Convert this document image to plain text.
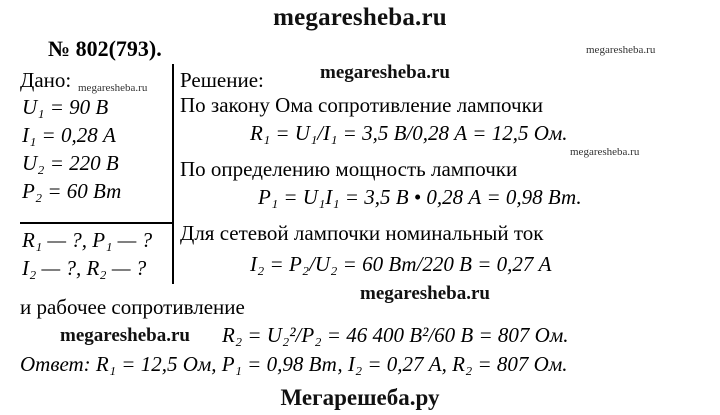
megaresheba.ru
megaresheba.ru
№ 802(793).
Дано: megaresheba.ru Решение:
U₁ = 90 В
I₁ = 0,28 А
U₂ = 220 В
P₂ = 60 Вт
R₁ — ?, P₁ — ?
I₂ — ?, R₂ — ?
megaresheba.ru
По закону Ома сопротивление лампочки
R₁ = U₁/I₁ = 3,5 В/0,28 А = 12,5 Ом.
megaresheba.ru
По определению мощность лампочки
P₁ = U₁I₁ = 3,5 В • 0,28 А = 0,98 Вт.
Для сетевой лампочки номинальный ток
I₂ = P₂/U₂ = 60 Вт/220 В = 0,27 А
megaresheba.ru
и рабочее сопротивление
megaresheba.ru R₂ = U₂²/P₂ = 46 400 В²/60 В = 807 Ом.
Ответ: R₁ = 12,5 Ом, P₁ = 0,98 Вт, I₂ = 0,27 А, R₂ = 807 Ом.
Мегарешеба.ру
